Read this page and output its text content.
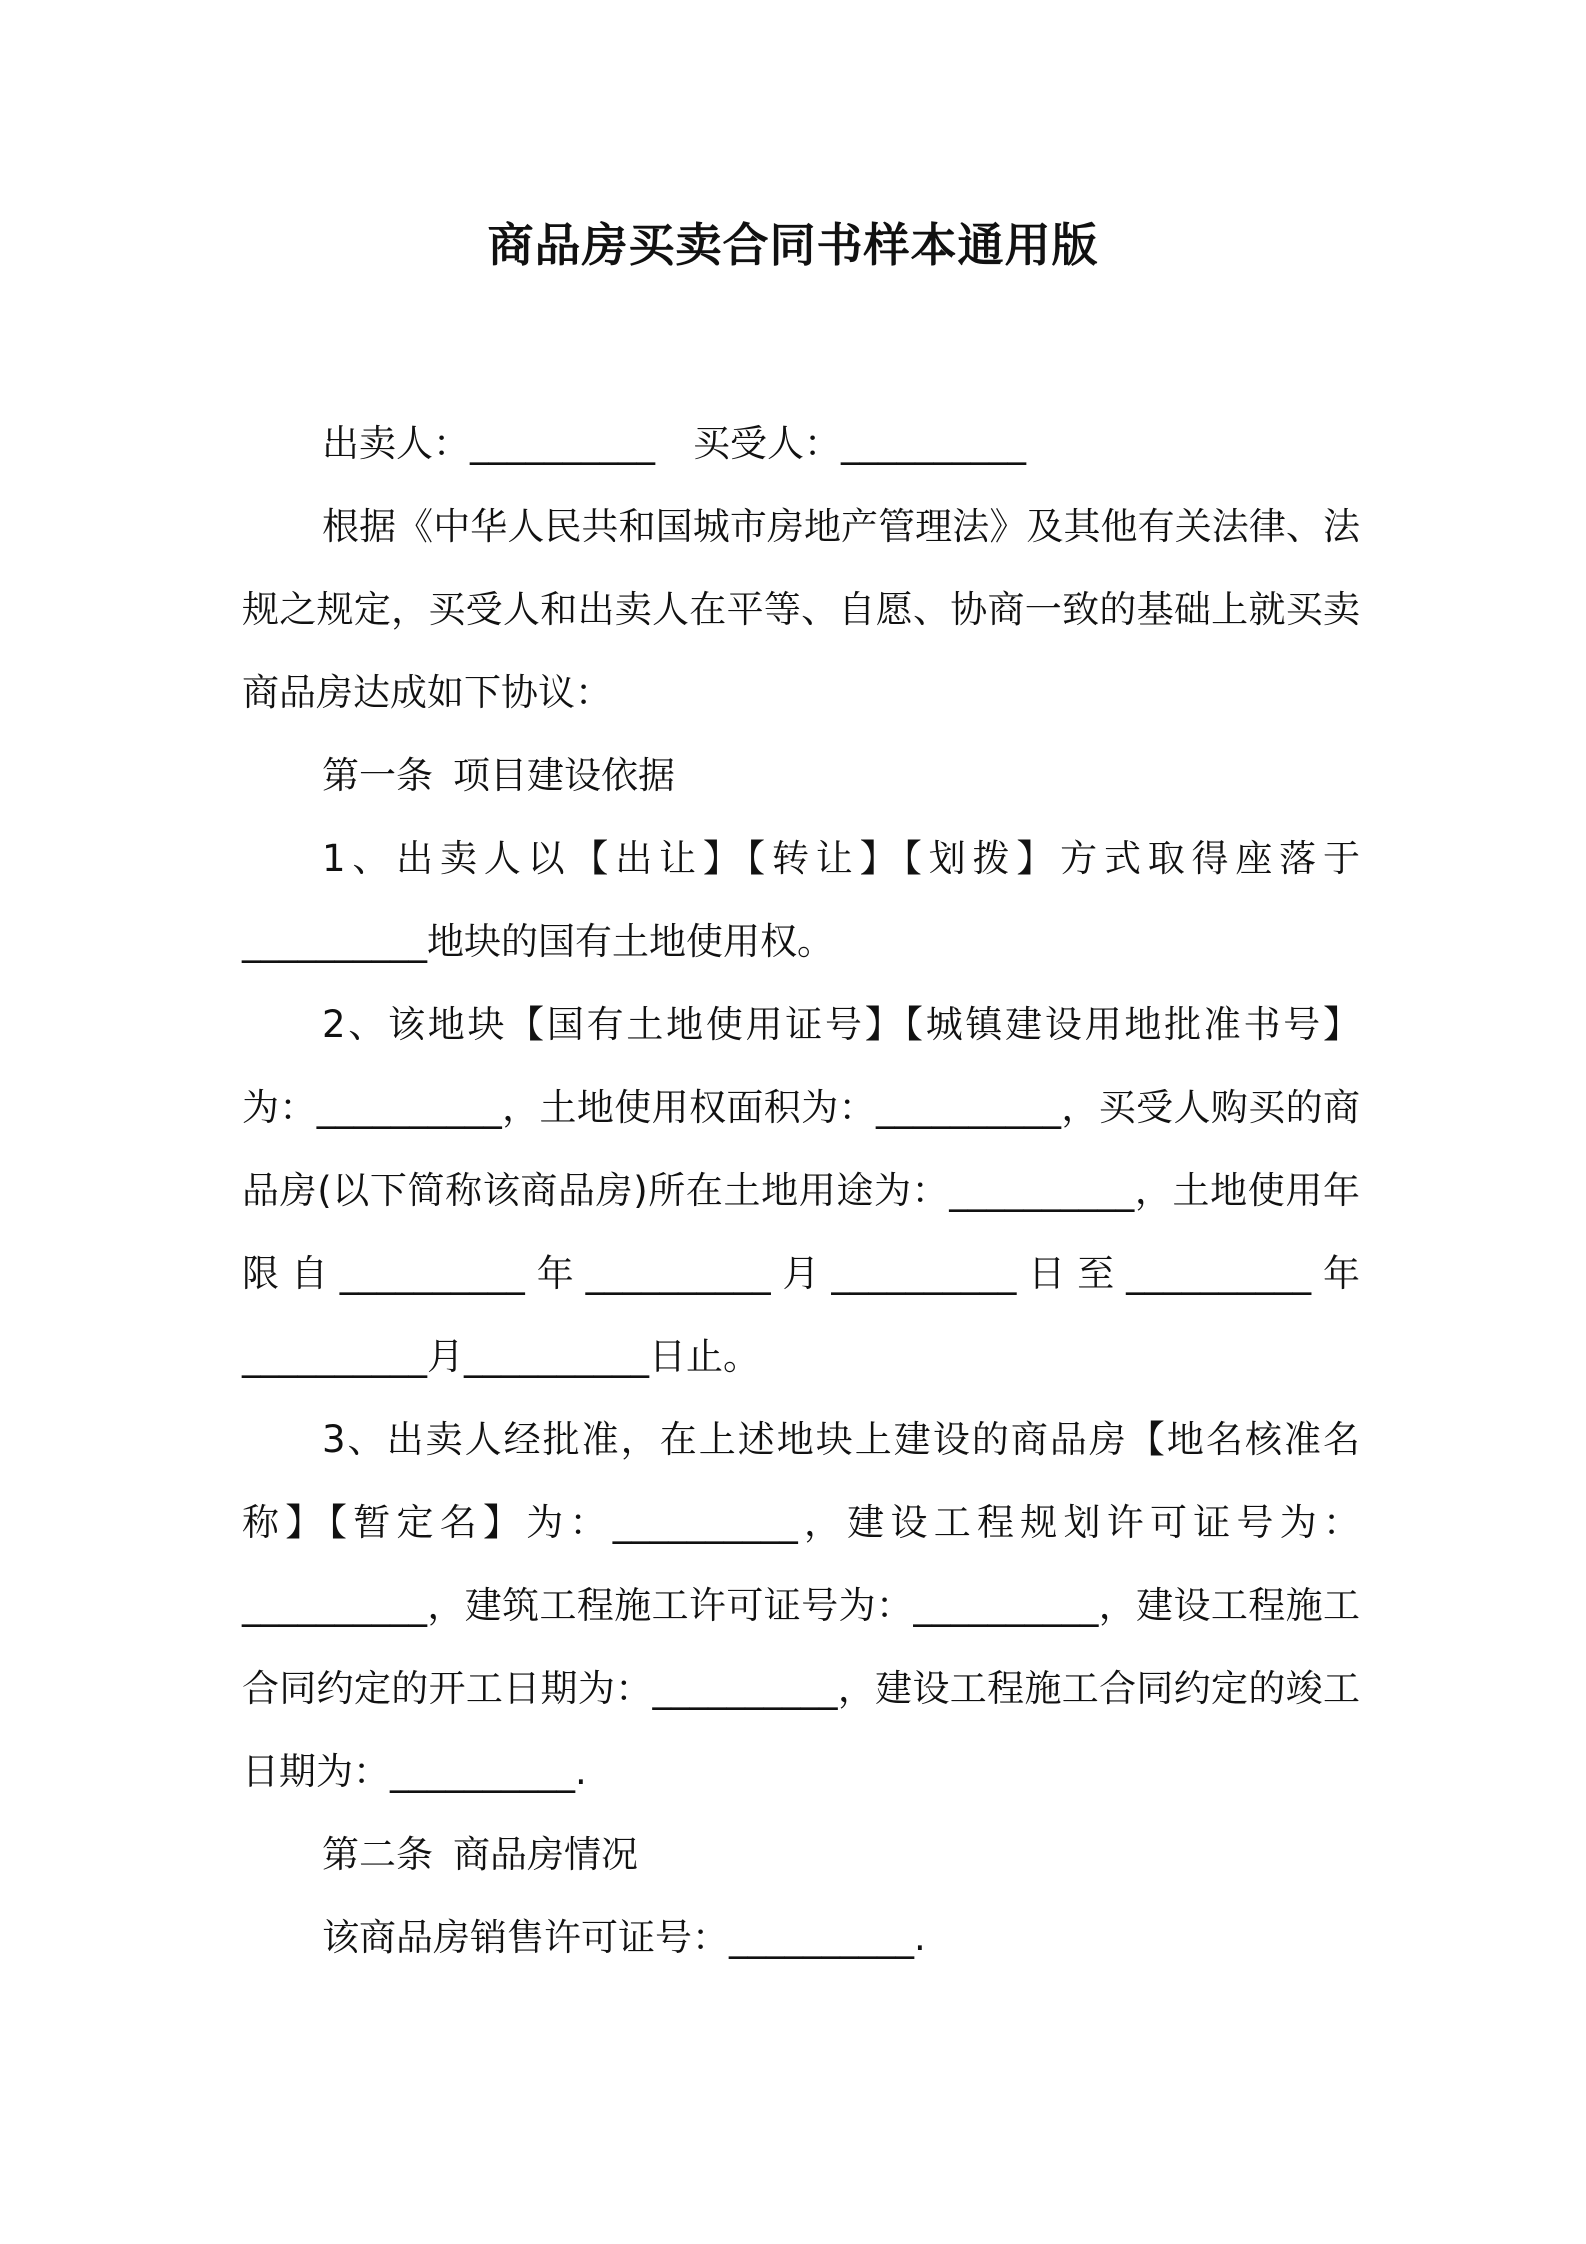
商品房买卖合同书样本通用版

出卖人：__________ 买受人：__________

根据《中华人民共和国城市房地产管理法》及其他有关法律、法规之规定，买受人和出卖人在平等、自愿、协商一致的基础上就买卖商品房达成如下协议：

第一条 项目建设依据

1、出卖人以【出让】【转让】【划拨】方式取得座落于__________地块的国有土地使用权。

2、该地块【国有土地使用证号】【城镇建设用地批准书号】为：__________，土地使用权面积为：__________，买受人购买的商品房(以下简称该商品房)所在土地用途为：__________，土地使用年限自__________年__________月__________日至__________年__________月__________日止。

3、出卖人经批准，在上述地块上建设的商品房【地名核准名称】【暂定名】为：__________，建设工程规划许可证号为：__________，建筑工程施工许可证号为：__________，建设工程施工合同约定的开工日期为：__________，建设工程施工合同约定的竣工日期为：__________.

第二条 商品房情况

该商品房销售许可证号：__________.
